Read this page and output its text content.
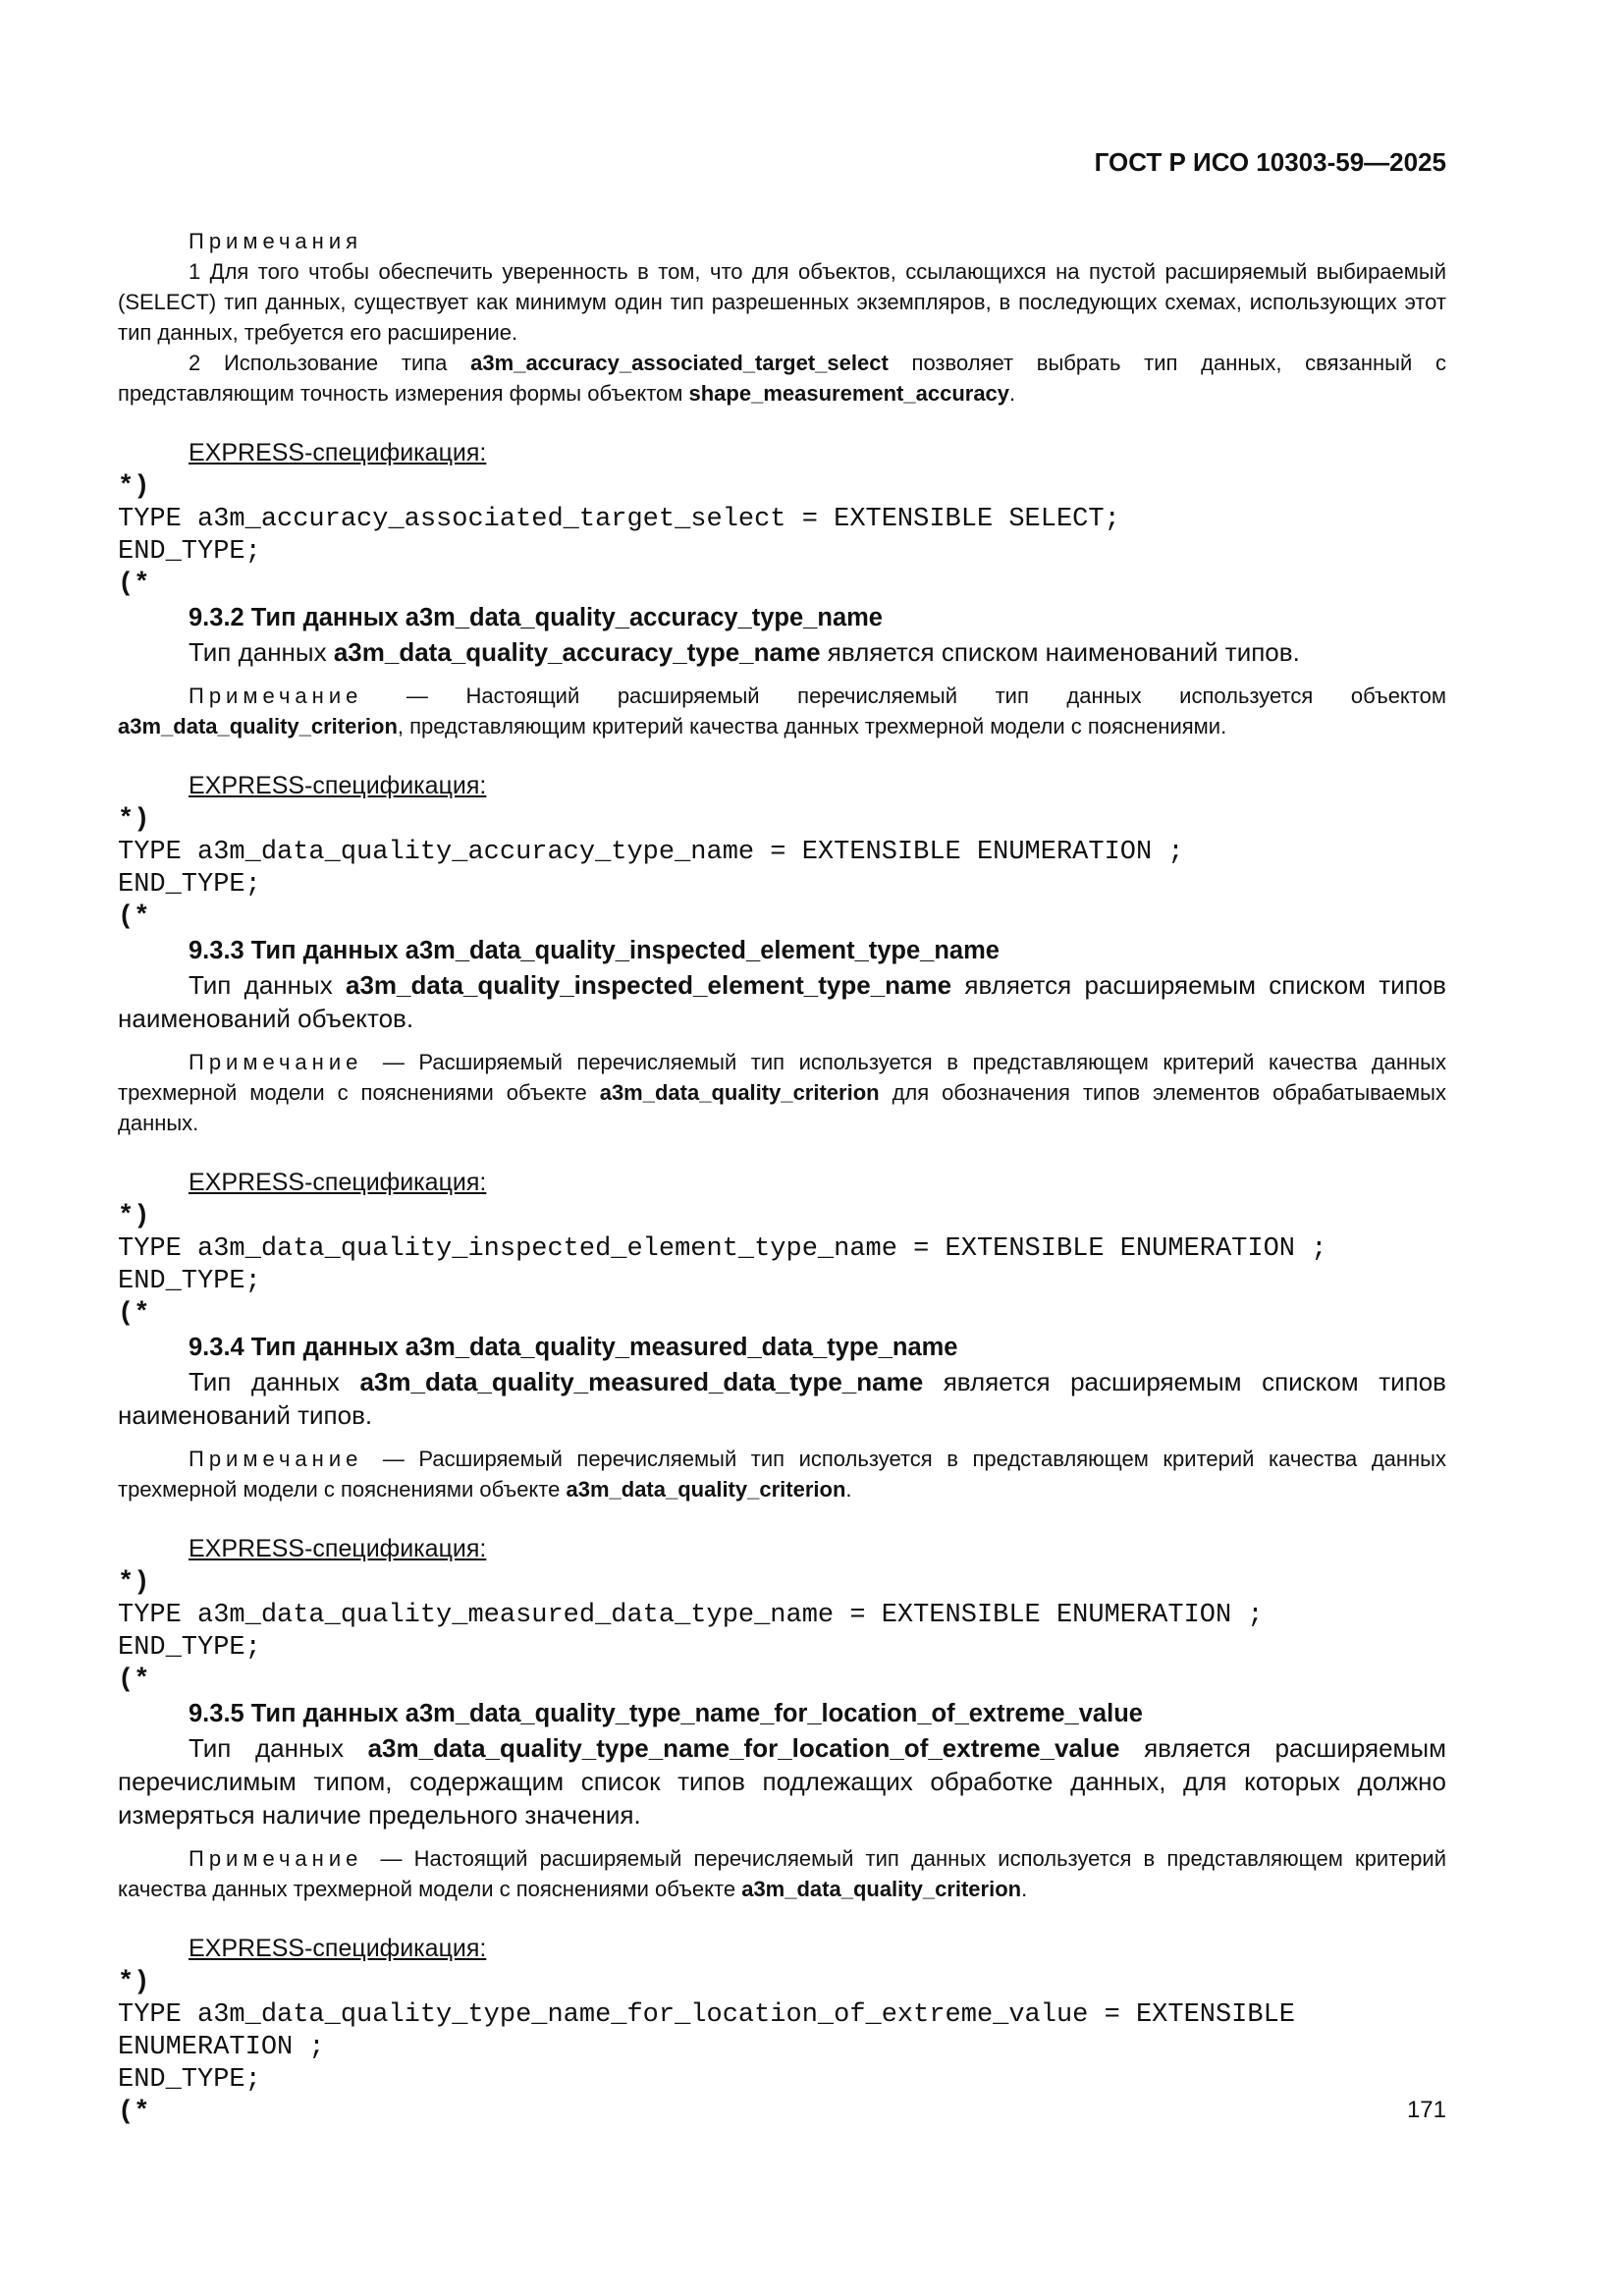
ГОСТ Р ИСО 10303-59—2025

Примечания

1 Для того чтобы обеспечить уверенность в том, что для объектов, ссылающихся на пустой расширяемый выбираемый (SELECT) тип данных, существует как минимум один тип разрешенных экземпляров, в последующих схемах, использующих этот тип данных, требуется его расширение.

2 Использование типа a3m_accuracy_associated_target_select позволяет выбрать тип данных, связанный с представляющим точность измерения формы объектом shape_measurement_accuracy.

EXPRESS-спецификация:

*)

TYPE a3m_accuracy_associated_target_select = EXTENSIBLE SELECT;

END_TYPE;

(*

9.3.2 Тип данных a3m_data_quality_accuracy_type_name

Тип данных a3m_data_quality_accuracy_type_name является списком наименований типов.

Примечание — Настоящий расширяемый перечисляемый тип данных используется объектом a3m_data_quality_criterion, представляющим критерий качества данных трехмерной модели с пояснениями.

EXPRESS-спецификация:

*)

TYPE a3m_data_quality_accuracy_type_name = EXTENSIBLE ENUMERATION ;

END_TYPE;

(*

9.3.3 Тип данных a3m_data_quality_inspected_element_type_name

Тип данных a3m_data_quality_inspected_element_type_name является расширяемым списком типов наименований объектов.

Примечание — Расширяемый перечисляемый тип используется в представляющем критерий качества данных трехмерной модели с пояснениями объекте a3m_data_quality_criterion для обозначения типов элементов обрабатываемых данных.

EXPRESS-спецификация:

*)

TYPE a3m_data_quality_inspected_element_type_name = EXTENSIBLE ENUMERATION ;

END_TYPE;

(*

9.3.4 Тип данных a3m_data_quality_measured_data_type_name

Тип данных a3m_data_quality_measured_data_type_name является расширяемым списком типов наименований типов.

Примечание — Расширяемый перечисляемый тип используется в представляющем критерий качества данных трехмерной модели с пояснениями объекте a3m_data_quality_criterion.

EXPRESS-спецификация:

*)

TYPE a3m_data_quality_measured_data_type_name = EXTENSIBLE ENUMERATION ;

END_TYPE;

(*

9.3.5 Тип данных a3m_data_quality_type_name_for_location_of_extreme_value

Тип данных a3m_data_quality_type_name_for_location_of_extreme_value является расширяемым перечислимым типом, содержащим список типов подлежащих обработке данных, для которых должно измеряться наличие предельного значения.

Примечание — Настоящий расширяемый перечисляемый тип данных используется в представляющем критерий качества данных трехмерной модели с пояснениями объекте a3m_data_quality_criterion.

EXPRESS-спецификация:

*)

TYPE a3m_data_quality_type_name_for_location_of_extreme_value = EXTENSIBLE

ENUMERATION ;

END_TYPE;

(*	171
